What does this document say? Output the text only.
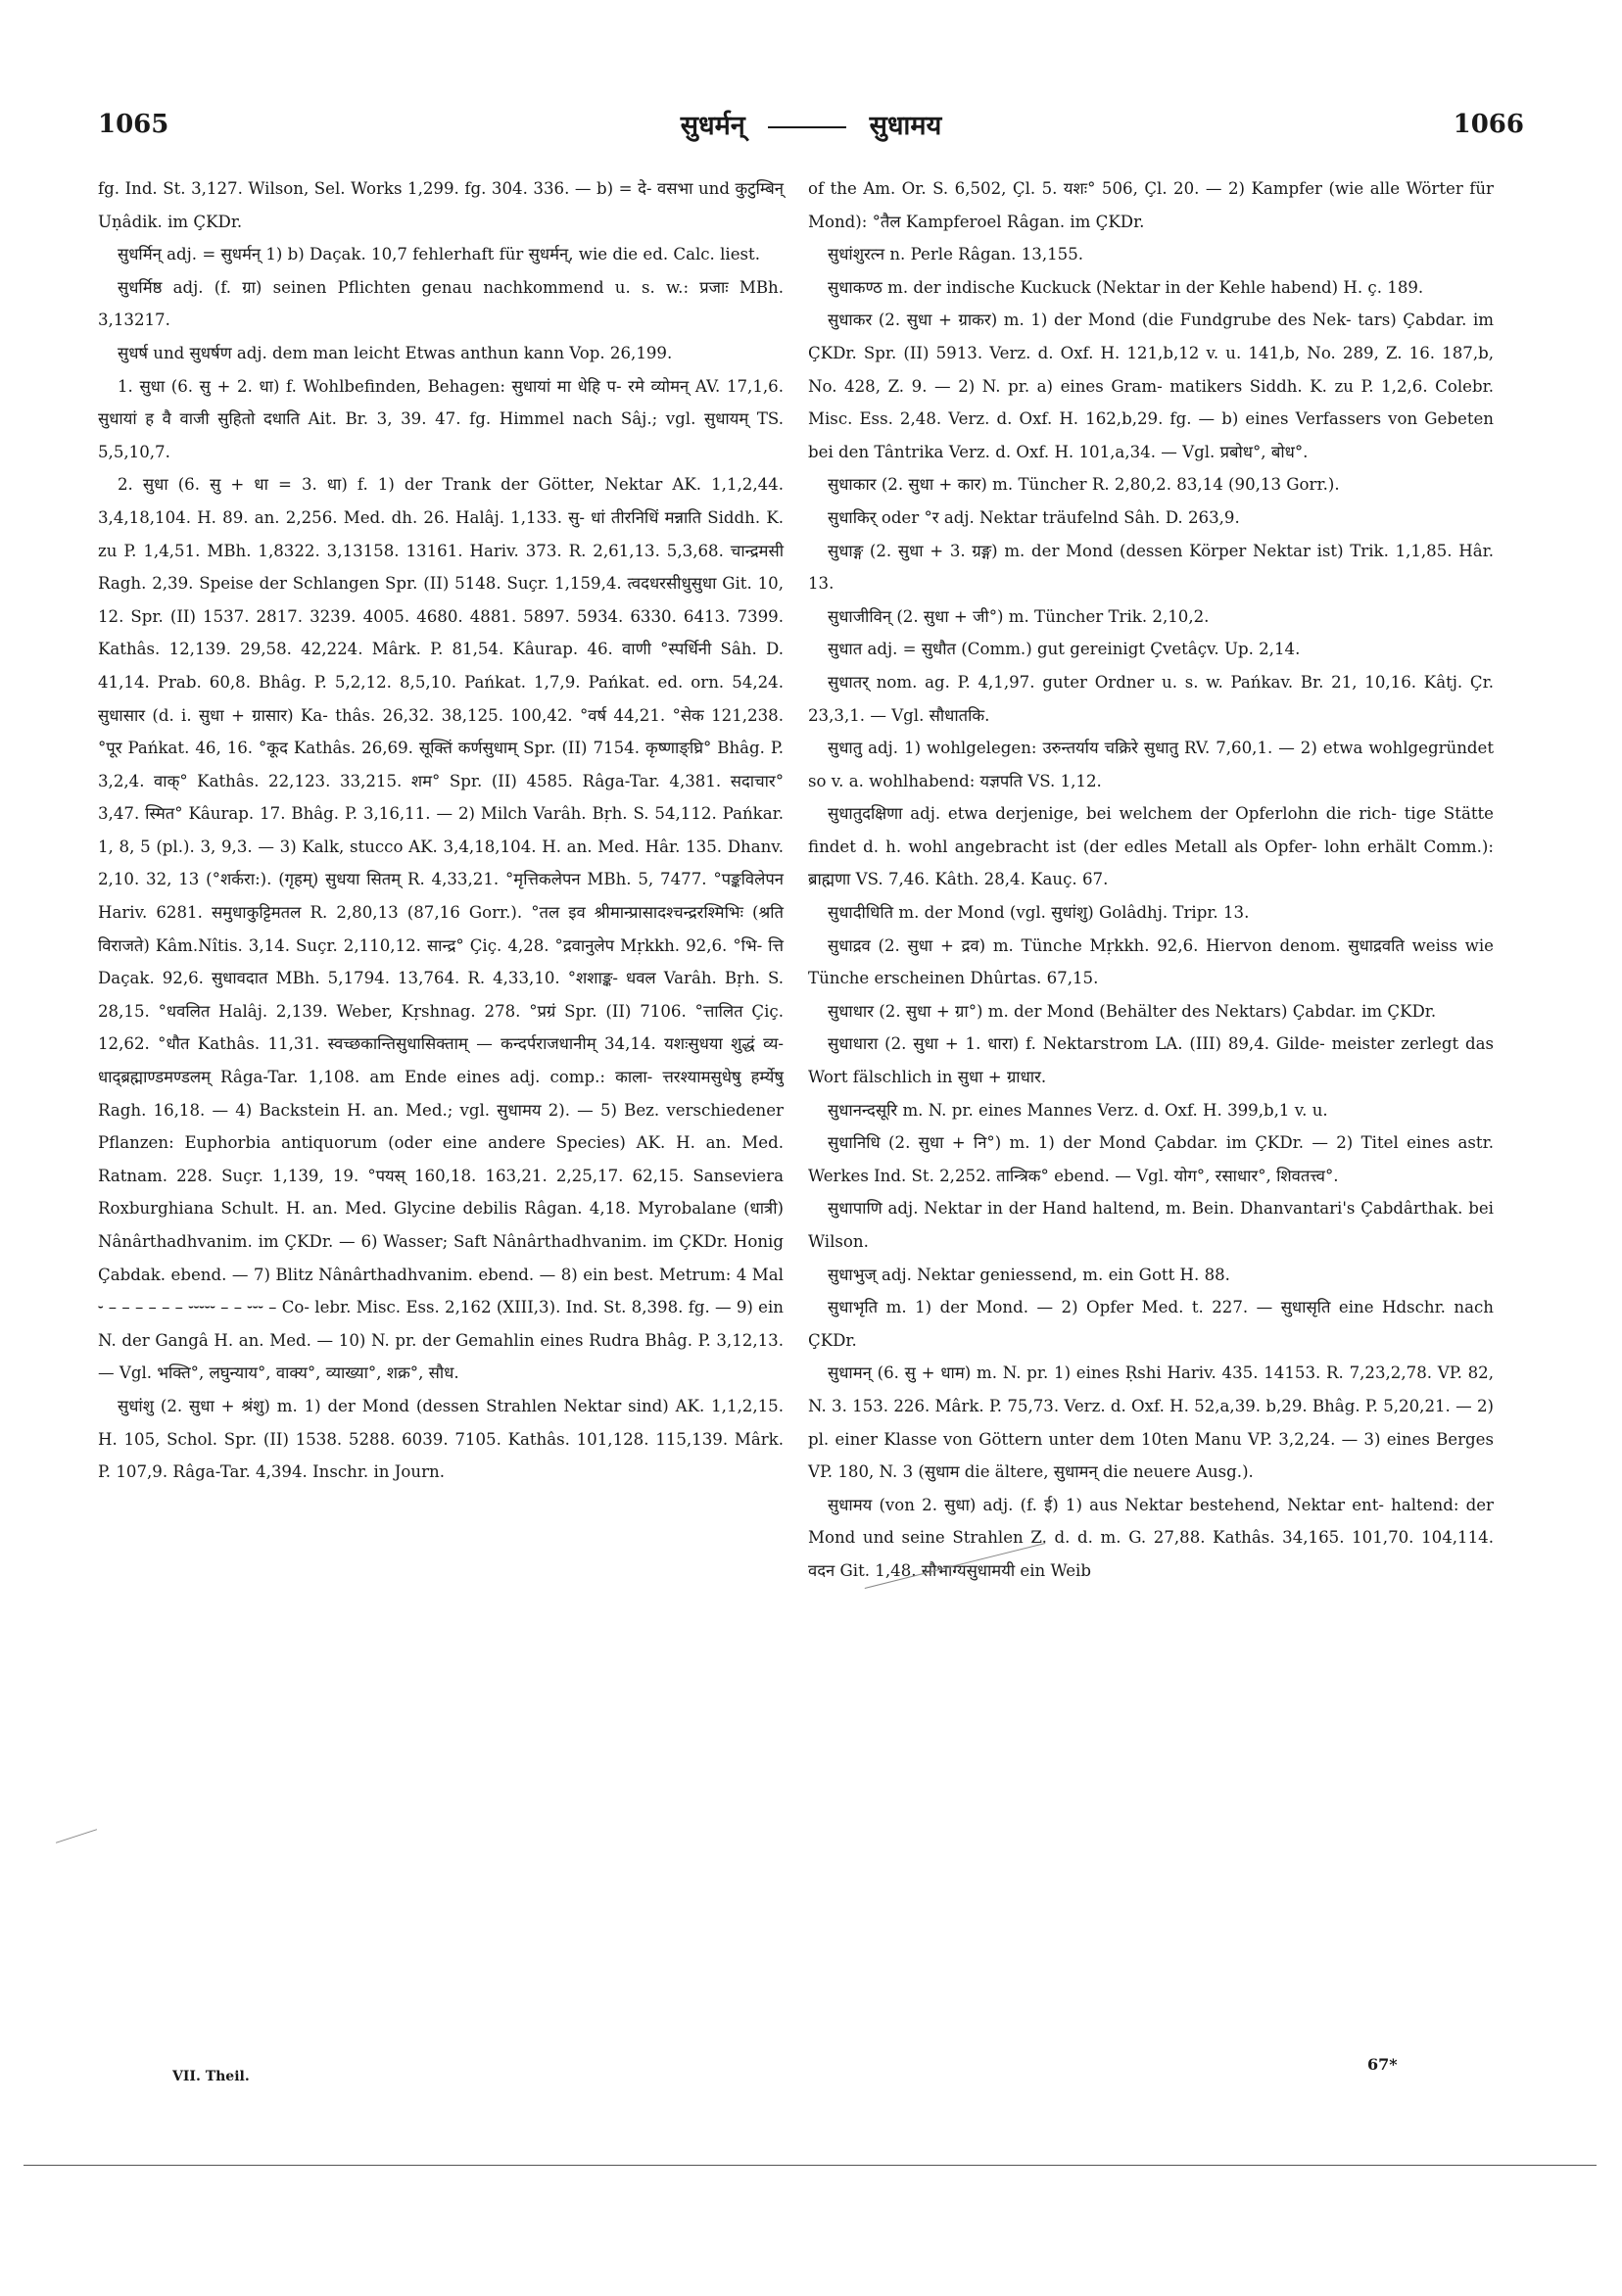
1065	सुधर्मन्	सुधामय	1066

fg. Ind. St. 3,127. Wilson, Sel. Works 1,299. fg. 304. 336. — b) = दे- वसभा und कुटुम्बिन् Uṇâdik. im ÇKDr.

सुधर्मिन् adj. = सुधर्मन् 1) b) Daçak. 10,7 fehlerhaft für सुधर्मन्, wie die ed. Calc. liest.

सुधर्मिष्ठ adj. (f. ग्रा) seinen Pflichten genau nachkommend u. s. w.: प्रजाः MBh. 3,13217.

सुधर्ष und सुधर्षण adj. dem man leicht Etwas anthun kann Vop. 26,199.

1. सुधा (6. सु + 2. धा) f. Wohlbefinden, Behagen: सुधायां मा धेहि प- रमे व्योमन् AV. 17,1,6. सुधायां ह वै वाजी सुहितो दधाति Ait. Br. 3, 39. 47. fg. Himmel nach Sâj.; vgl. सुधायम् TS. 5,5,10,7.

2. सुधा (6. सु + धा = 3. धा) f. 1) der Trank der Götter, Nektar AK. 1,1,2,44. 3,4,18,104. H. 89. an. 2,256. Med. dh. 26. Halâj. 1,133. सु- धां तीरनिधिं मन्नाति Siddh. K. zu P. 1,4,51. MBh. 1,8322. 3,13158. 13161. Hariv. 373. R. 2,61,13. 5,3,68. चान्द्रमसी Ragh. 2,39. Speise der Schlangen Spr. (II) 5148. Suçr. 1,159,4. त्वदधरसीधुसुधा Git. 10, 12. Spr. (II) 1537. 2817. 3239. 4005. 4680. 4881. 5897. 5934. 6330. 6413. 7399. Kathâs. 12,139. 29,58. 42,224. Mârk. P. 81,54. Kâurap. 46. वाणी °स्पर्धिनी Sâh. D. 41,14. Prab. 60,8. Bhâg. P. 5,2,12. 8,5,10. Pańkat. 1,7,9. Pańkat. ed. orn. 54,24. सुधासार (d. i. सुधा + ग्रासार) Ka- thâs. 26,32. 38,125. 100,42. °वर्ष 44,21. °सेक 121,238. °पूर Pańkat. 46, 16. °कूद Kathâs. 26,69. सूक्तिं कर्णसुधाम् Spr. (II) 7154. कृष्णाङ्घ्रि° Bhâg. P. 3,2,4. वाक्° Kathâs. 22,123. 33,215. शम° Spr. (II) 4585. Râga-Tar. 4,381. सदाचार° 3,47. स्मित° Kâurap. 17. Bhâg. P. 3,16,11. — 2) Milch Varâh. Bṛh. S. 54,112. Pańkar. 1, 8, 5 (pl.). 3, 9,3. — 3) Kalk, stucco AK. 3,4,18,104. H. an. Med. Hâr. 135. Dhanv. 2,10. 32, 13 (°शर्करा:). (गृहम्) सुधया सितम् R. 4,33,21. °मृत्तिकलेपन MBh. 5, 7477. °पङ्कविलेपन Hariv. 6281. समुधाकुट्टिमतल R. 2,80,13 (87,16 Gorr.). °तल इव श्रीमान्प्रासादश्चन्द्ररश्मिभिः (श्रति विराजते) Kâm.Nîtis. 3,14. Suçr. 2,110,12. सान्द्र° Çiç. 4,28. °द्रवानुलेप Mṛkkh. 92,6. °भि- त्ति Daçak. 92,6. सुधावदात MBh. 5,1794. 13,764. R. 4,33,10. °शशाङ्क- धवल Varâh. Bṛh. S. 28,15. °धवलित Halâj. 2,139. Weber, Kṛshnag. 278. °प्रग्रं Spr. (II) 7106. °त्तालित Çiç. 12,62. °धौत Kathâs. 11,31. स्वच्छकान्तिसुधासिक्ताम् — कन्दर्पराजधानीम् 34,14. यशःसुधया शुद्धं व्य- धाद्ब्रह्माण्डमण्डलम् Râga-Tar. 1,108. am Ende eines adj. comp.: काला- त्तरश्यामसुधेषु हर्म्येषु Ragh. 16,18. — 4) Backstein H. an. Med.; vgl. सुधामय 2). — 5) Bez. verschiedener Pflanzen: Euphorbia antiquorum (oder eine andere Species) AK. H. an. Med. Ratnam. 228. Suçr. 1,139, 19. °पयस् 160,18. 163,21. 2,25,17. 62,15. Sanseviera Roxburghiana Schult. H. an. Med. Glycine debilis Râgan. 4,18. Myrobalane (धात्री) Nânârthadhvanim. im ÇKDr. — 6) Wasser; Saft Nânârthadhvanim. im ÇKDr. Honig Çabdak. ebend. — 7) Blitz Nânârthadhvanim. ebend. — 8) ein best. Metrum: 4 Mal ⏑ – – – – – – ⏑⏑⏑⏑⏑ – – ⏑⏑⏑ – Co- lebr. Misc. Ess. 2,162 (XIII,3). Ind. St. 8,398. fg. — 9) ein N. der Gangâ H. an. Med. — 10) N. pr. der Gemahlin eines Rudra Bhâg. P. 3,12,13. — Vgl. भक्ति°, लघुन्याय°, वाक्य°, व्याख्या°, शक्र°, सौध.

सुधांशु (2. सुधा + श्रंशु) m. 1) der Mond (dessen Strahlen Nektar sind) AK. 1,1,2,15. H. 105, Schol. Spr. (II) 1538. 5288. 6039. 7105. Kathâs. 101,128. 115,139. Mârk. P. 107,9. Râga-Tar. 4,394. Inschr. in Journ.

of the Am. Or. S. 6,502, Çl. 5. यशः° 506, Çl. 20. — 2) Kampfer (wie alle Wörter für Mond): °तैल Kampferoel Râgan. im ÇKDr.

सुधांशुरत्न n. Perle Râgan. 13,155.

सुधाकण्ठ m. der indische Kuckuck (Nektar in der Kehle habend) H. ç. 189.

सुधाकर (2. सुधा + ग्राकर) m. 1) der Mond (die Fundgrube des Nek- tars) Çabdar. im ÇKDr. Spr. (II) 5913. Verz. d. Oxf. H. 121,b,12 v. u. 141,b, No. 289, Z. 16. 187,b, No. 428, Z. 9. — 2) N. pr. a) eines Gram- matikers Siddh. K. zu P. 1,2,6. Colebr. Misc. Ess. 2,48. Verz. d. Oxf. H. 162,b,29. fg. — b) eines Verfassers von Gebeten bei den Tântrika Verz. d. Oxf. H. 101,a,34. — Vgl. प्रबोध°, बोध°.

सुधाकार (2. सुधा + कार) m. Tüncher R. 2,80,2. 83,14 (90,13 Gorr.).

सुधाकिर् oder °र adj. Nektar träufelnd Sâh. D. 263,9.

सुधाङ्ग (2. सुधा + 3. ग्रङ्ग) m. der Mond (dessen Körper Nektar ist) Trik. 1,1,85. Hâr. 13.

सुधाजीविन् (2. सुधा + जी°) m. Tüncher Trik. 2,10,2.

सुधात adj. = सुधौत (Comm.) gut gereinigt Çvetâçv. Up. 2,14.

सुधातर् nom. ag. P. 4,1,97. guter Ordner u. s. w. Pańkav. Br. 21, 10,16. Kâtj. Çr. 23,3,1. — Vgl. सौधातकि.

सुधातु adj. 1) wohlgelegen: उरुन्तर्याय चक्रिरे सुधातु RV. 7,60,1. — 2) etwa wohlgegründet so v. a. wohlhabend: यज्ञपति VS. 1,12.

सुधातुदक्षिणा adj. etwa derjenige, bei welchem der Opferlohn die rich- tige Stätte findet d. h. wohl angebracht ist (der edles Metall als Opfer- lohn erhält Comm.): ब्राह्मणा VS. 7,46. Kâth. 28,4. Kauç. 67.

सुधादीधिति m. der Mond (vgl. सुधांशु) Golâdhj. Tripr. 13.

सुधाद्रव (2. सुधा + द्रव) m. Tünche Mṛkkh. 92,6. Hiervon denom. सुधाद्रवति weiss wie Tünche erscheinen Dhûrtas. 67,15.

सुधाधार (2. सुधा + ग्रा°) m. der Mond (Behälter des Nektars) Çabdar. im ÇKDr.

सुधाधारा (2. सुधा + 1. धारा) f. Nektarstrom LA. (III) 89,4. Gilde- meister zerlegt das Wort fälschlich in सुधा + ग्राधार.

सुधानन्दसूरि m. N. pr. eines Mannes Verz. d. Oxf. H. 399,b,1 v. u.

सुधानिधि (2. सुधा + नि°) m. 1) der Mond Çabdar. im ÇKDr. — 2) Titel eines astr. Werkes Ind. St. 2,252. तान्त्रिक° ebend. — Vgl. योग°, रसाधार°, शिवतत्त्व°.

सुधापाणि adj. Nektar in der Hand haltend, m. Bein. Dhanvantari's Çabdârthak. bei Wilson.

सुधाभुज् adj. Nektar geniessend, m. ein Gott H. 88.

सुधाभृति m. 1) der Mond. — 2) Opfer Med. t. 227. — सुधासृति eine Hdschr. nach ÇKDr.

सुधामन् (6. सु + धाम) m. N. pr. 1) eines Ṛshi Hariv. 435. 14153. R. 7,23,2,78. VP. 82, N. 3. 153. 226. Mârk. P. 75,73. Verz. d. Oxf. H. 52,a,39. b,29. Bhâg. P. 5,20,21. — 2) pl. einer Klasse von Göttern unter dem 10ten Manu VP. 3,2,24. — 3) eines Berges VP. 180, N. 3 (सुधाम die ältere, सुधामन् die neuere Ausg.).

सुधामय (von 2. सुधा) adj. (f. ई) 1) aus Nektar bestehend, Nektar ent- haltend: der Mond und seine Strahlen Z. d. d. m. G. 27,88. Kathâs. 34,165. 101,70. 104,114. वदन Git. 1,48. सौभाग्यसुधामयी ein Weib

VII. Theil.
67*
